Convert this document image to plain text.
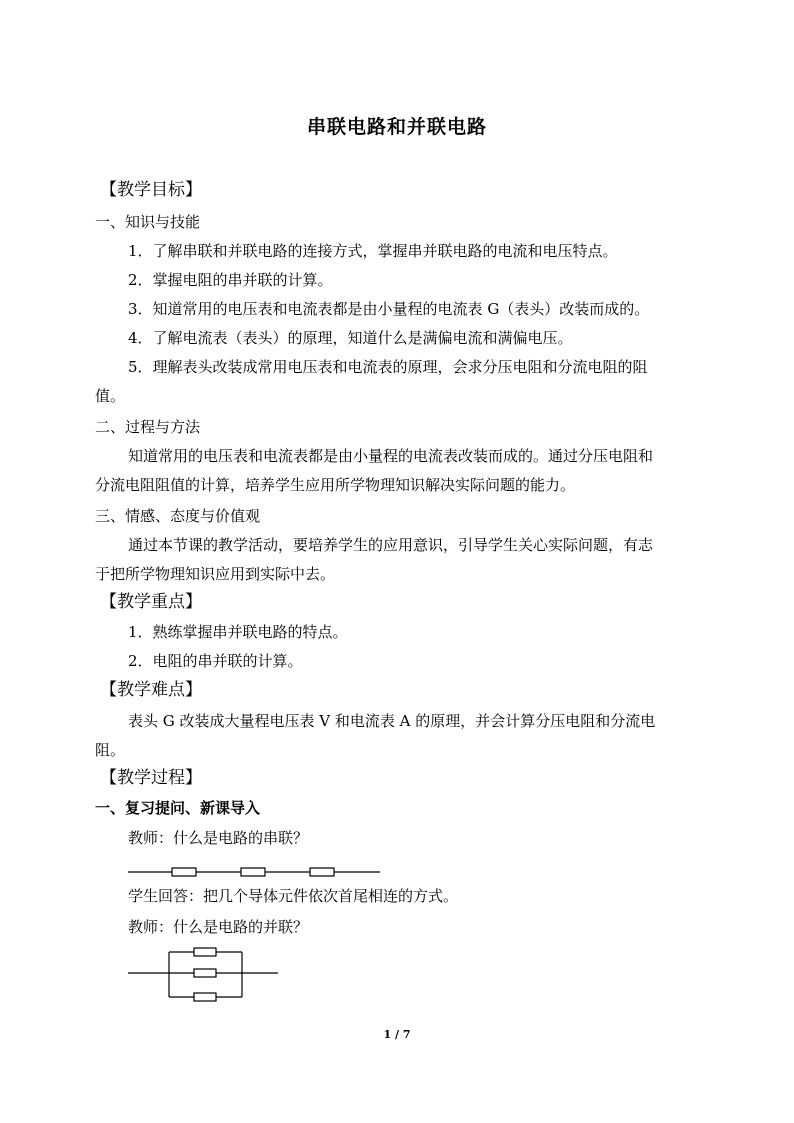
串联电路和并联电路
【教学目标】
一、知识与技能
1．了解串联和并联电路的连接方式，掌握串并联电路的电流和电压特点。
2．掌握电阻的串并联的计算。
3．知道常用的电压表和电流表都是由小量程的电流表 G（表头）改装而成的。
4．了解电流表（表头）的原理，知道什么是满偏电流和满偏电压。
5．理解表头改装成常用电压表和电流表的原理，会求分压电阻和分流电阻的阻
值。
二、过程与方法
知道常用的电压表和电流表都是由小量程的电流表改装而成的。通过分压电阻和
分流电阻阻值的计算，培养学生应用所学物理知识解决实际问题的能力。
三、情感、态度与价值观
通过本节课的教学活动，要培养学生的应用意识，引导学生关心实际问题，有志
于把所学物理知识应用到实际中去。
【教学重点】
1．熟练掌握串并联电路的特点。
2．电阻的串并联的计算。
【教学难点】
表头 G 改装成大量程电压表 V 和电流表 A 的原理，并会计算分压电阻和分流电
阻。
【教学过程】
一、复习提问、新课导入
教师：什么是电路的串联？
学生回答：把几个导体元件依次首尾相连的方式。
教师：什么是电路的并联？
1 / 7
